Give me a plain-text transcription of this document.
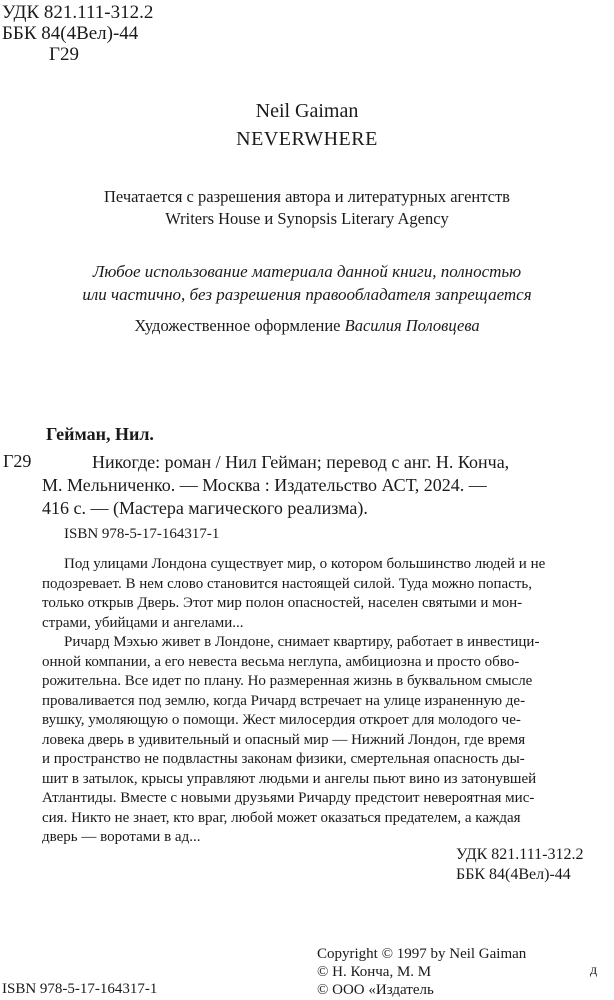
УДК 821.111-312.2
ББК 84(4Вел)-44
Г29
Neil Gaiman
NEVERWHERE
Печатается с разрешения автора и литературных агентств
Writers House и Synopsis Literary Agency
Любое использование материала данной книги, полностью
или частично, без разрешения правообладателя запрещается
Художественное оформление Василия Половцева
Гейман, Нил.
Г29	Никогде: роман / Нил Гейман; перевод с анг. Н. Конча,
М. Мельниченко. — Москва : Издательство АСТ, 2024. —
416 с. — (Мастера магического реализма).
ISBN 978-5-17-164317-1
Под улицами Лондона существует мир, о котором большинство людей и не
подозревает. В нем слово становится настоящей силой. Туда можно попасть,
только открыв Дверь. Этот мир полон опасностей, населен святыми и мон-
страми, убийцами и ангелами...
Ричард Мэхью живет в Лондоне, снимает квартиру, работает в инвестици-
онной компании, а его невеста весьма неглупа, амбициозна и просто обво-
рожительна. Все идет по плану. Но размеренная жизнь в буквальном смысле
проваливается под землю, когда Ричард встречает на улице израненную де-
вушку, умоляющую о помощи. Жест милосердия откроет для молодого че-
ловека дверь в удивительный и опасный мир — Нижний Лондон, где время
и пространство не подвластны законам физики, смертельная опасность ды-
шит в затылок, крысы управляют людьми и ангелы пьют вино из затонувшей
Атлантиды. Вместе с новыми друзьями Ричарду предстоит невероятная мис-
сия. Никто не знает, кто враг, любой может оказаться предателем, а каждая
дверь — воротами в ад...
УДК 821.111-312.2
ББК 84(4Вел)-44
Copyright © 1997 by Neil Gaiman
© Н. Конча, М. М
© ООО «Издатель
д
ISBN 978-5-17-164317-1
